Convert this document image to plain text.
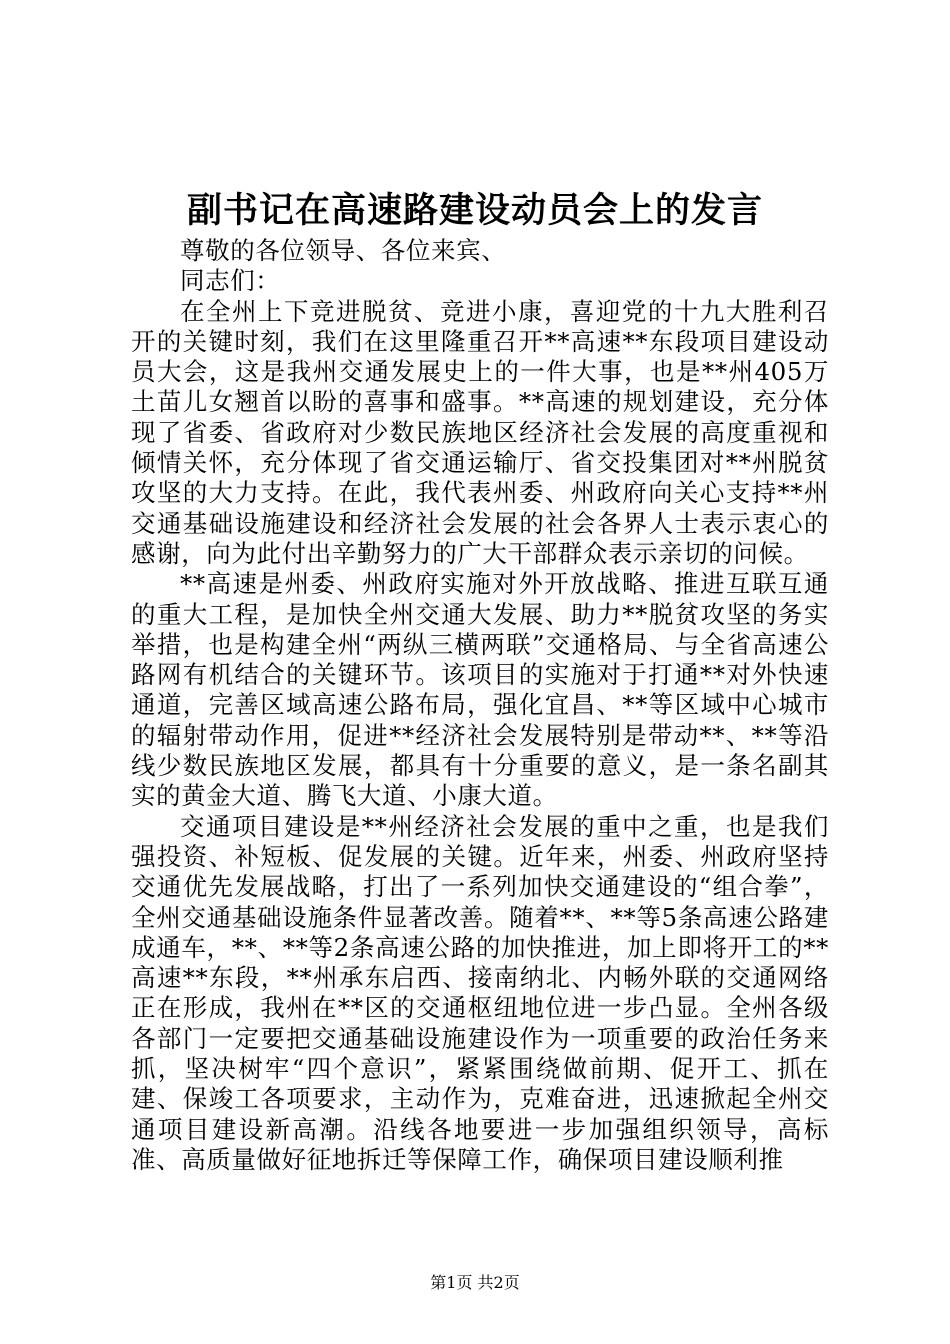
副书记在高速路建设动员会上的发言

尊敬的各位领导、各位来宾、

同志们：

在全州上下竞进脱贫、竞进小康，喜迎党的十九大胜利召开的关键时刻，我们在这里隆重召开**高速**东段项目建设动员大会，这是我州交通发展史上的一件大事，也是**州405万土苗儿女翘首以盼的喜事和盛事。**高速的规划建设，充分体现了省委、省政府对少数民族地区经济社会发展的高度重视和倾情关怀，充分体现了省交通运输厅、省交投集团对**州脱贫攻坚的大力支持。在此，我代表州委、州政府向关心支持**州交通基础设施建设和经济社会发展的社会各界人士表示衷心的感谢，向为此付出辛勤努力的广大干部群众表示亲切的问候。

**高速是州委、州政府实施对外开放战略、推进互联互通的重大工程，是加快全州交通大发展、助力**脱贫攻坚的务实举措，也是构建全州“两纵三横两联”交通格局、与全省高速公路网有机结合的关键环节。该项目的实施对于打通**对外快速通道，完善区域高速公路布局，强化宜昌、**等区域中心城市的辐射带动作用，促进**经济社会发展特别是带动**、**等沿线少数民族地区发展，都具有十分重要的意义，是一条名副其实的黄金大道、腾飞大道、小康大道。

交通项目建设是**州经济社会发展的重中之重，也是我们强投资、补短板、促发展的关键。近年来，州委、州政府坚持交通优先发展战略，打出了一系列加快交通建设的“组合拳”，全州交通基础设施条件显著改善。随着**、**等5条高速公路建成通车，**、**等2条高速公路的加快推进，加上即将开工的**高速**东段，**州承东启西、接南纳北、内畅外联的交通网络正在形成，我州在**区的交通枢纽地位进一步凸显。全州各级各部门一定要把交通基础设施建设作为一项重要的政治任务来抓，坚决树牢“四个意识”，紧紧围绕做前期、促开工、抓在建、保竣工各项要求，主动作为，克难奋进，迅速掀起全州交通项目建设新高潮。沿线各地要进一步加强组织领导，高标准、高质量做好征地拆迁等保障工作，确保项目建设顺利推

第1页 共2页
